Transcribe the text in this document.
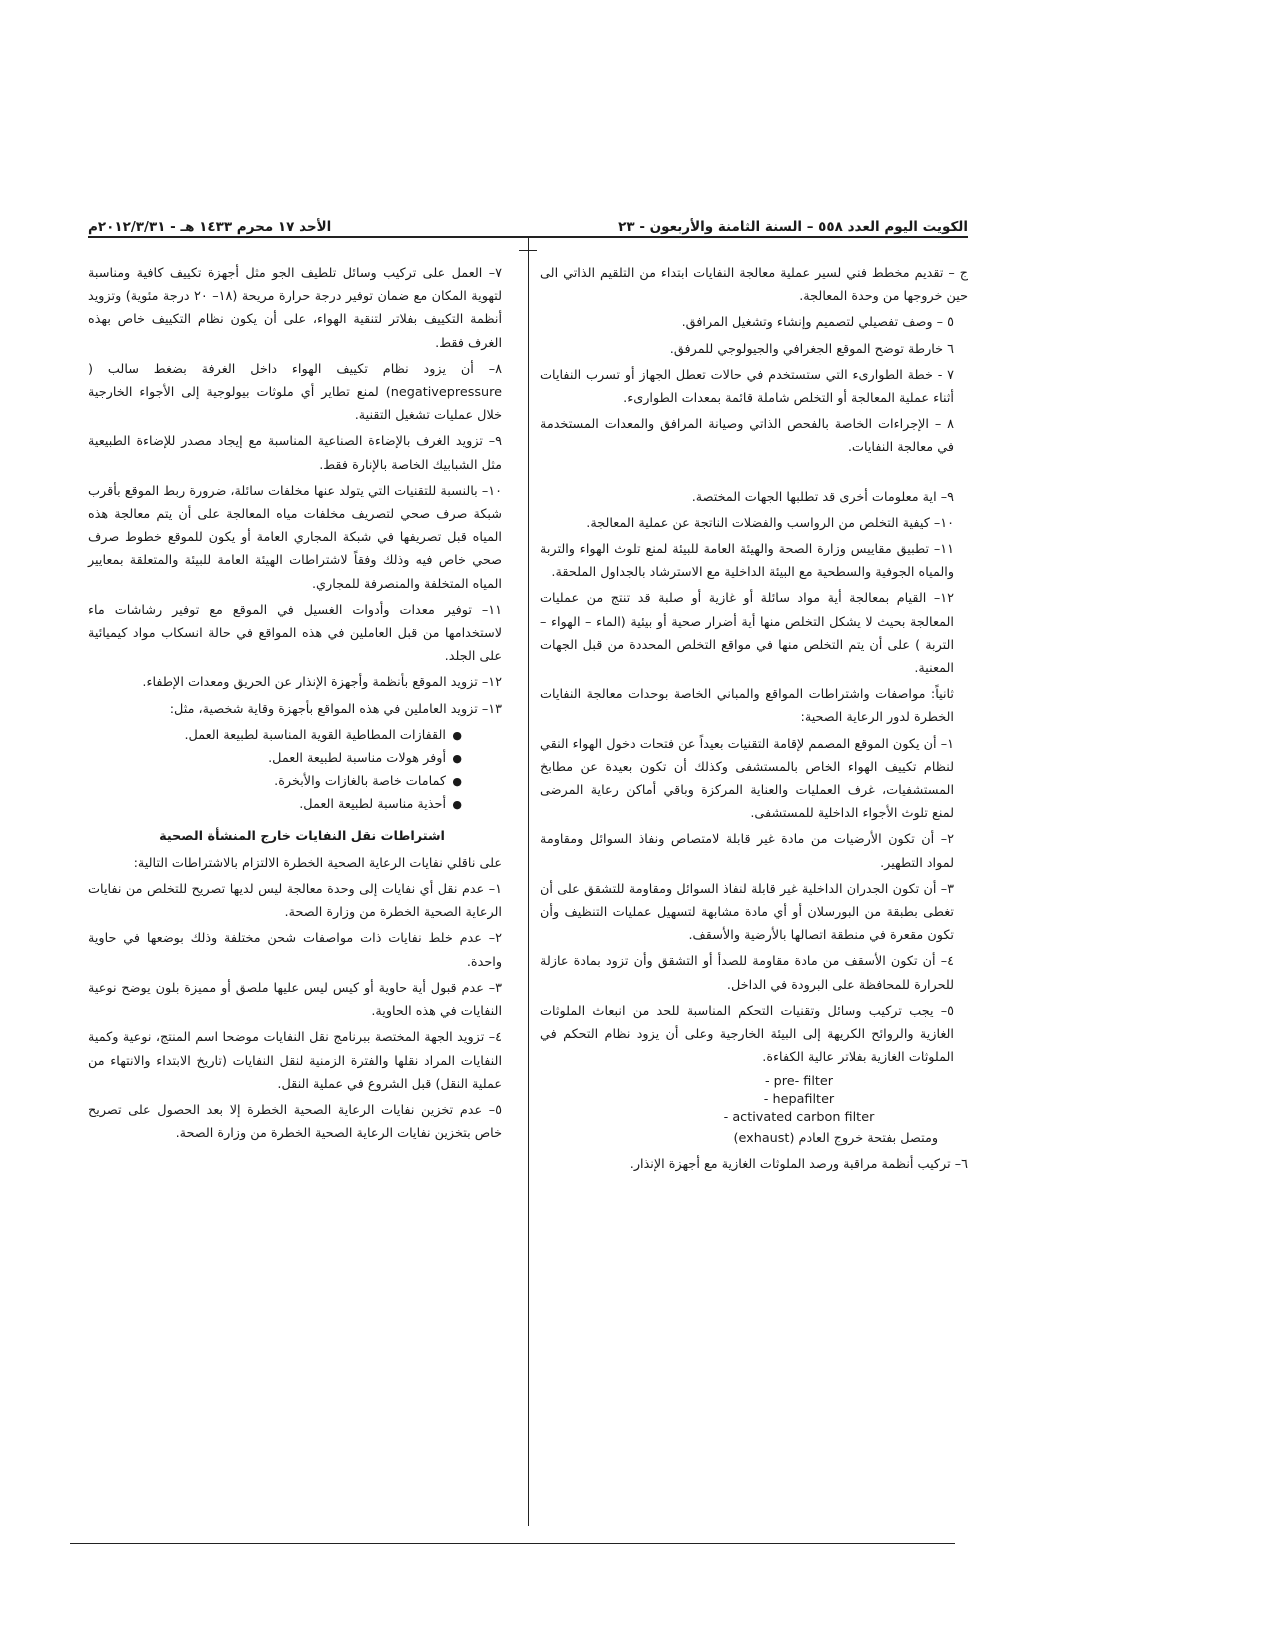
الكويت اليوم العدد ٥٥٨ – السنة الثامنة والأربعون - ٢٣
الأحد ١٧ محرم ١٤٣٣ هـ - ٢٠١٢/٣/٣١م

ج – تقديم مخطط فني لسير عملية معالجة النفايات ابتداء من التلقيم الذاتي الى حين خروجها من وحدة المعالجة.

٥ – وصف تفصيلي لتصميم وإنشاء وتشغيل المرافق.

٦ خارطة توضح الموقع الجغرافي والجيولوجي للمرفق.

٧ - خطة الطوارىء التي ستستخدم في حالات تعطل الجهاز أو تسرب النفايات أثناء عملية المعالجة أو التخلص شاملة قائمة بمعدات الطوارىء.

٨ – الإجراءات الخاصة بالفحص الذاتي وصيانة المرافق والمعدات المستخدمة في معالجة النفايات.

٩– اية معلومات أخرى قد تطلبها الجهات المختصة.

١٠– كيفية التخلص من الرواسب والفضلات الناتجة عن عملية المعالجة.

١١– تطبيق مقاييس وزارة الصحة والهيئة العامة للبيئة لمنع تلوث الهواء والتربة والمياه الجوفية والسطحية مع البيئة الداخلية مع الاسترشاد بالجداول الملحقة.

١٢– القيام بمعالجة أية مواد سائلة أو غازية أو صلبة قد تنتج من عمليات المعالجة بحيث لا يشكل التخلص منها أية أضرار صحية أو بيئية (الماء – الهواء – التربة ) على أن يتم التخلص منها في مواقع التخلص المحددة من قبل الجهات المعنية.

ثانياً: مواصفات واشتراطات المواقع والمباني الخاصة بوحدات معالجة النفايات الخطرة لدور الرعاية الصحية:

١– أن يكون الموقع المصمم لإقامة التقنيات بعيداً عن فتحات دخول الهواء النقي لنظام تكييف الهواء الخاص بالمستشفى وكذلك أن تكون بعيدة عن مطابخ المستشفيات، غرف العمليات والعناية المركزة وباقي أماكن رعاية المرضى لمنع تلوث الأجواء الداخلية للمستشفى.

٢– أن تكون الأرضيات من مادة غير قابلة لامتصاص ونفاذ السوائل ومقاومة لمواد التطهير.

٣– أن تكون الجدران الداخلية غير قابلة لنفاذ السوائل ومقاومة للتشقق على أن تغطى بطبقة من البورسلان أو أي مادة مشابهة لتسهيل عمليات التنظيف وأن تكون مقعرة في منطقة اتصالها بالأرضية والأسقف.

٤– أن تكون الأسقف من مادة مقاومة للصدأ أو التشقق وأن تزود بمادة عازلة للحرارة للمحافظة على البرودة في الداخل.

٥– يجب تركيب وسائل وتقنيات التحكم المناسبة للحد من انبعاث الملوثات الغازية والروائح الكريهة إلى البيئة الخارجية وعلى أن يزود نظام التحكم في الملوثات الغازية بفلاتر عالية الكفاءة.

- pre- filter

- hepafilter

- activated carbon filter

ومتصل بفتحة خروج العادم (exhaust)

٦– تركيب أنظمة مراقبة ورصد الملوثات الغازية مع أجهزة الإنذار.

٧– العمل على تركيب وسائل تلطيف الجو مثل أجهزة تكييف كافية ومناسبة لتهوية المكان مع ضمان توفير درجة حرارة مريحة (١٨– ٢٠ درجة مئوية) وتزويد أنظمة التكييف بفلاتر لتنقية الهواء، على أن يكون نظام التكييف خاص بهذه الغرف فقط.

٨– أن يزود نظام تكييف الهواء داخل الغرفة بضغط سالب ( negativepressure) لمنع تطاير أي ملوثات بيولوجية إلى الأجواء الخارجية خلال عمليات تشغيل التقنية.

٩– تزويد الغرف بالإضاءة الصناعية المناسبة مع إيجاد مصدر للإضاءة الطبيعية مثل الشبابيك الخاصة بالإنارة فقط.

١٠– بالنسبة للتقنيات التي يتولد عنها مخلفات سائلة، ضرورة ربط الموقع بأقرب شبكة صرف صحي لتصريف مخلفات مياه المعالجة على أن يتم معالجة هذه المياه قبل تصريفها في شبكة المجاري العامة أو يكون للموقع خطوط صرف صحي خاص فيه وذلك وفقاً لاشتراطات الهيئة العامة للبيئة والمتعلقة بمعايير المياه المتخلفة والمنصرفة للمجاري.

١١– توفير معدات وأدوات الغسيل في الموقع مع توفير رشاشات ماء لاستخدامها من قبل العاملين في هذه المواقع في حالة انسكاب مواد كيميائية على الجلد.

١٢– تزويد الموقع بأنظمة وأجهزة الإنذار عن الحريق ومعدات الإطفاء.

١٣– تزويد العاملين في هذه المواقع بأجهزة وقاية شخصية، مثل:

● القفازات المطاطية القوية المناسبة لطبيعة العمل.
● أوفر هولات مناسبة لطبيعة العمل.
● كمامات خاصة بالغازات والأبخرة.
● أحذية مناسبة لطبيعة العمل.

اشتراطات نقل النفايات خارج المنشأة الصحية

على ناقلي نفايات الرعاية الصحية الخطرة الالتزام بالاشتراطات التالية:

١– عدم نقل أي نفايات إلى وحدة معالجة ليس لديها تصريح للتخلص من نفايات الرعاية الصحية الخطرة من وزارة الصحة.

٢– عدم خلط نفايات ذات مواصفات شحن مختلفة وذلك بوضعها في حاوية واحدة.

٣– عدم قبول أية حاوية أو كيس ليس عليها ملصق أو مميزة بلون يوضح نوعية النفايات في هذه الحاوية.

٤– تزويد الجهة المختصة ببرنامج نقل النفايات موضحا اسم المنتج، نوعية وكمية النفايات المراد نقلها والفترة الزمنية لنقل النفايات (تاريخ الابتداء والانتهاء من عملية النقل) قبل الشروع في عملية النقل.

٥– عدم تخزين نفايات الرعاية الصحية الخطرة إلا بعد الحصول على تصريح خاص بتخزين نفايات الرعاية الصحية الخطرة من وزارة الصحة.
